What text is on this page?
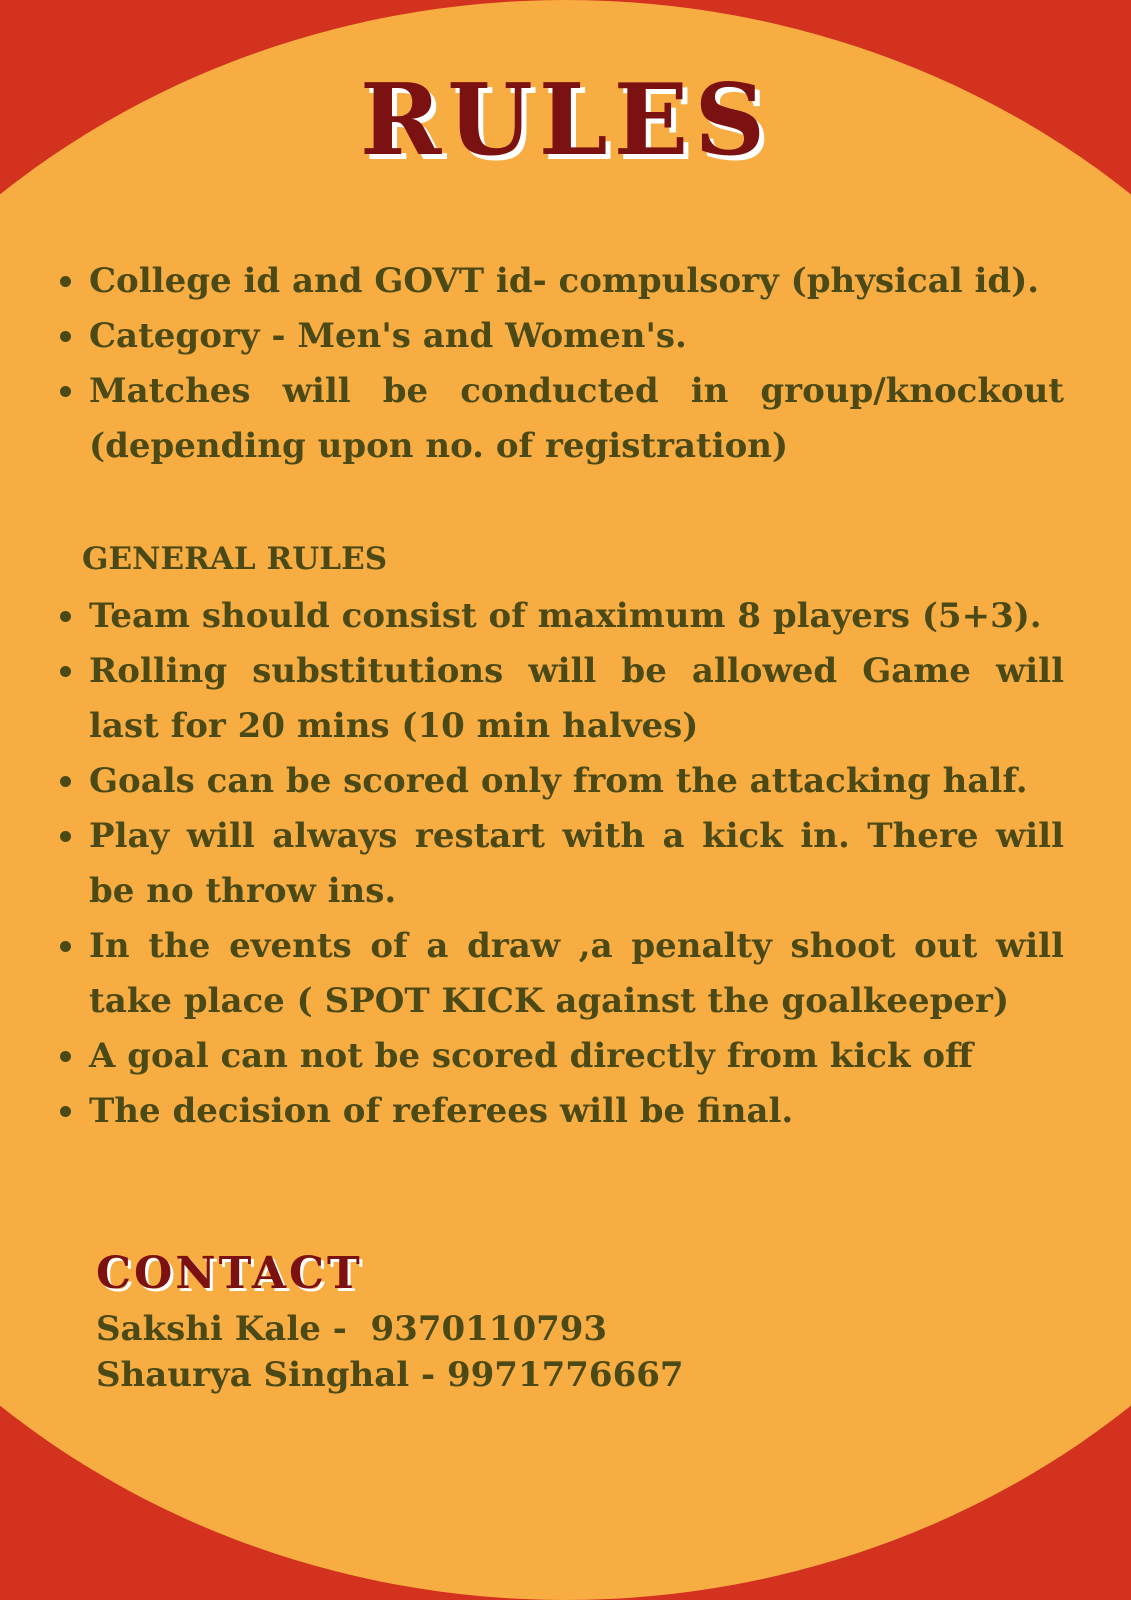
RULES
College id and GOVT id- compulsory (physical id).
Category - Men's and Women's.
Matches will be conducted in group/knockout (depending upon no. of registration)
GENERAL RULES
Team should consist of maximum 8 players (5+3).
Rolling substitutions will be allowed Game will last for 20 mins (10 min halves)
Goals can be scored only from the attacking half.
Play will always restart with a kick in. There will be no throw ins.
In the events of a draw ,a penalty shoot out will take place ( SPOT KICK against the goalkeeper)
A goal can not be scored directly from kick off
The decision of referees will be final.
CONTACT
Sakshi Kale -  9370110793
Shaurya Singhal - 9971776667
